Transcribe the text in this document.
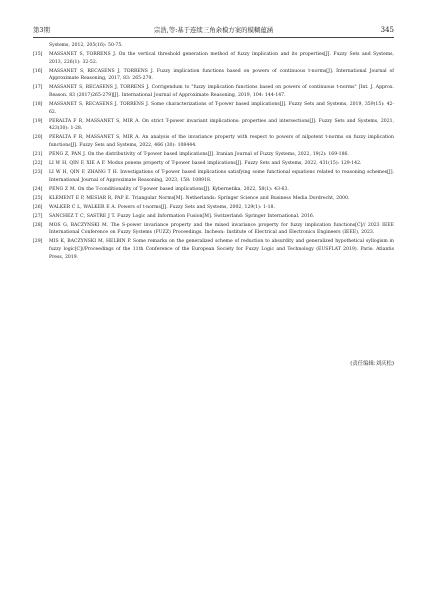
第3期	宗浩,等:基于连续三角余模方案的模糊蕴涵	345
Systems, 2012, 205(16): 50-75.
[15] MASSANET S, TORRENS J. On the vertical threshold generation method of fuzzy implication and its properties[J]. Fuzzy Sets and Systems, 2013, 226(1): 32-52.
[16] MASSANET S, RECASENS J, TORRENS J. Fuzzy implication functions based on powers of continuous t-norms[J]. International Journal of Approximate Reasoning, 2017, 83: 265-279.
[17] MASSANET S, RECASENS J, TORRENS J. Corrigendum to "fuzzy implication functions based on powers of continuous t-norms" [Int. J. Approx. Reason. 83 (2017)265-279][J]. International Journal of Approximate Reasoning, 2019, 104: 144-147.
[18] MASSANET S, RECASENS J, TORRENS J. Some characterizations of T-power based implications[J]. Fuzzy Sets and Systems, 2019, 359(15): 42-62.
[19] PERALTA F R, MASSANET S, MIR A. On strict T-power invariant implications: properties and intersections[J]. Fuzzy Sets and Systems, 2021, 423(30): 1-28.
[20] PERALTA F R, MASSANET S, MIR A. An analysis of the invariance property with respect to powers of nilpotent t-norms on fuzzy implication functions[J]. Fuzzy Sets and Systems, 2022, 466 (30): 108444.
[21] PENG Z, PAN J. On the distributivity of T-power based implications[J]. Iranian Journal of Fuzzy Systems, 2022, 19(2): 169-186.
[22] LI W H, QIN F, XIE A F. Modus ponens property of T-power based implications[J]. Fuzzy Sets and Systems, 2022, 431(15): 129-142.
[23] LI W H, QIN F, ZHANG T H. Investigations of T-power based implications satisfying some functional equations related to reasoning schemes[J]. International Journal of Approximate Reasoning, 2023, 158: 108918.
[24] PENG Z M. On the T-conditionality of T-power based implications[J]. Kybernetika, 2022, 58(1): 43-63.
[25] KLEMENT E P, MESIAR R, PAP E. Triangular Norms[M]. Netherlands: Springer Science and Business Media Dordrecht, 2000.
[26] WALKER C L, WALKER E A. Powers of t-norms[J]. Fuzzy Sets and Systems, 2002, 129(1): 1-18.
[27] SANCHEZ T C, SASTRE J T. Fuzzy Logic and Information Fusion[M]. Switzerland: Springer International, 2016.
[28] MOS G, BACZYNSKI M. The S-power invariance property and the mixed invariance property for fuzzy implication functions[C]// 2023 IEEE International Conference on Fuzzy Systems (FUZZ) Proceedings. Incheon: Institute of Electrical and Electronics Engineers (IEEE), 2023.
[29] MIS K, BACZYNSKI M, HELBIN P. Some remarks on the generalized scheme of reduction to absurdity and generalized hypothetical syllogism in fuzzy logic[C]//Proceedings of the 11th Conference of the European Society for Fuzzy Logic and Technology (EUSFLAT 2019). Paris: Atlantis Press, 2019.
(责任编辑:刘庆松)
